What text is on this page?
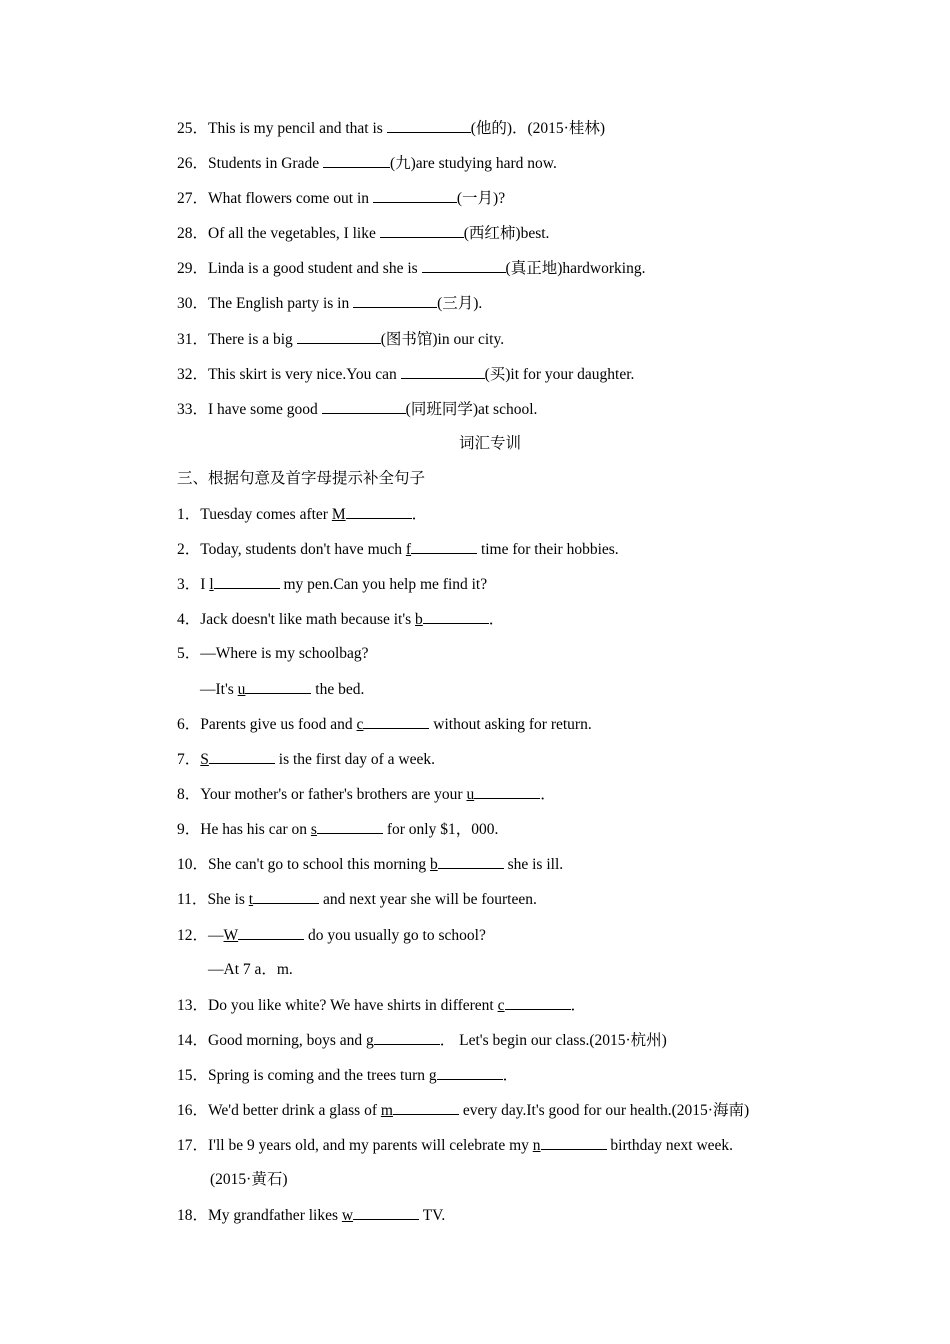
25．This is my pencil and that is	(他的)．(2015·桂林)
26．Students in Grade	(九)are studying hard now.
27．What flowers come out in	(一月)?
28．Of all the vegetables, I like	(西红柿)best.
29．Linda is a good student and she is	(真正地)hardworking.
30．The English party is in	(三月).
31．There is a big	(图书馆)in our city.
32．This skirt is very nice.You can	(买)it for your daughter.
33．I have some good	(同班同学)at school.
词汇专训
三、根据句意及首字母提示补全句子
1．Tuesday comes after M	．
2．Today, students don't have much f	time for their hobbies.
3．I l	my pen.Can you help me find it?
4．Jack doesn't like math because it's b	．
5．—Where is my schoolbag?
—It's u	the bed.
6．Parents give us food and c	without asking for return.
7．S	is the first day of a week.
8．Your mother's or father's brothers are your u	．
9．He has his car on s	for only $1，000.
10．She can't go to school this morning b	she is ill.
11．She is t	and next year she will be fourteen.
12．—W	do you usually go to school?
—At 7 a．m.
13．Do you like white? We have shirts in different c	．
14．Good morning, boys and g	． Let's begin our class.(2015·杭州)
15．Spring is coming and the trees turn g	．
16．We'd better drink a glass of m	every day.It's good for our health.(2015·海南)
17．I'll be 9 years old, and my parents will celebrate my n	birthday next week.
(2015·黄石)
18．My grandfather likes w	TV.
